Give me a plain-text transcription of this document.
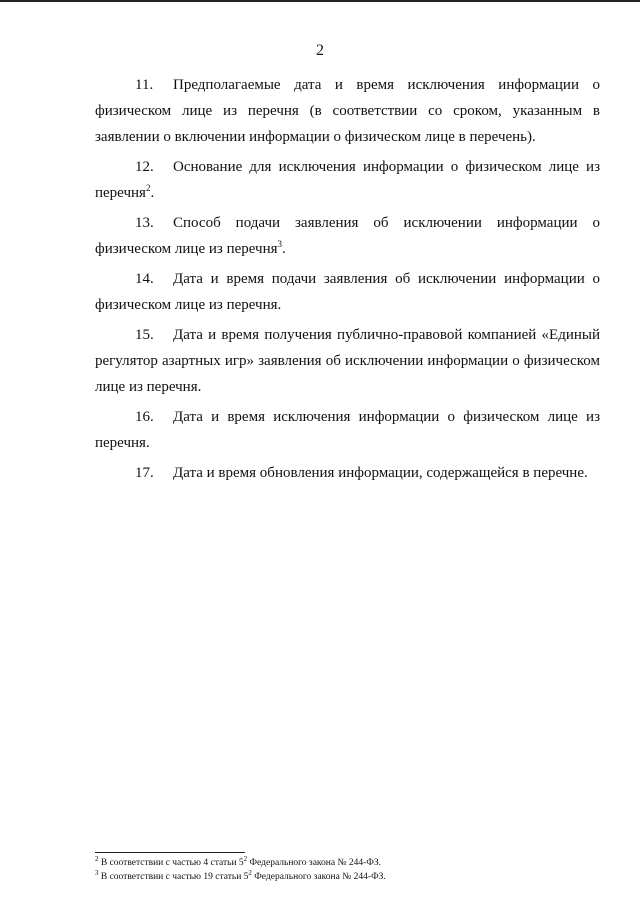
2

11. Предполагаемые дата и время исключения информации о физическом лице из перечня (в соответствии со сроком, указанным в заявлении о включении информации о физическом лице в перечень).

12. Основание для исключения информации о физическом лице из перечня$^2$.

13. Способ подачи заявления об исключении информации о физическом лице из перечня$^3$.

14. Дата и время подачи заявления об исключении информации о физическом лице из перечня.

15. Дата и время получения публично-правовой компанией «Единый регулятор азартных игр» заявления об исключении информации о физическом лице из перечня.

16. Дата и время исключения информации о физическом лице из перечня.

17. Дата и время обновления информации, содержащейся в перечне.

$^2$ В соответствии с частью 4 статьи $5^2$ Федерального закона № 244-ФЗ.
$^3$ В соответствии с частью 19 статьи $5^2$ Федерального закона № 244-ФЗ.
